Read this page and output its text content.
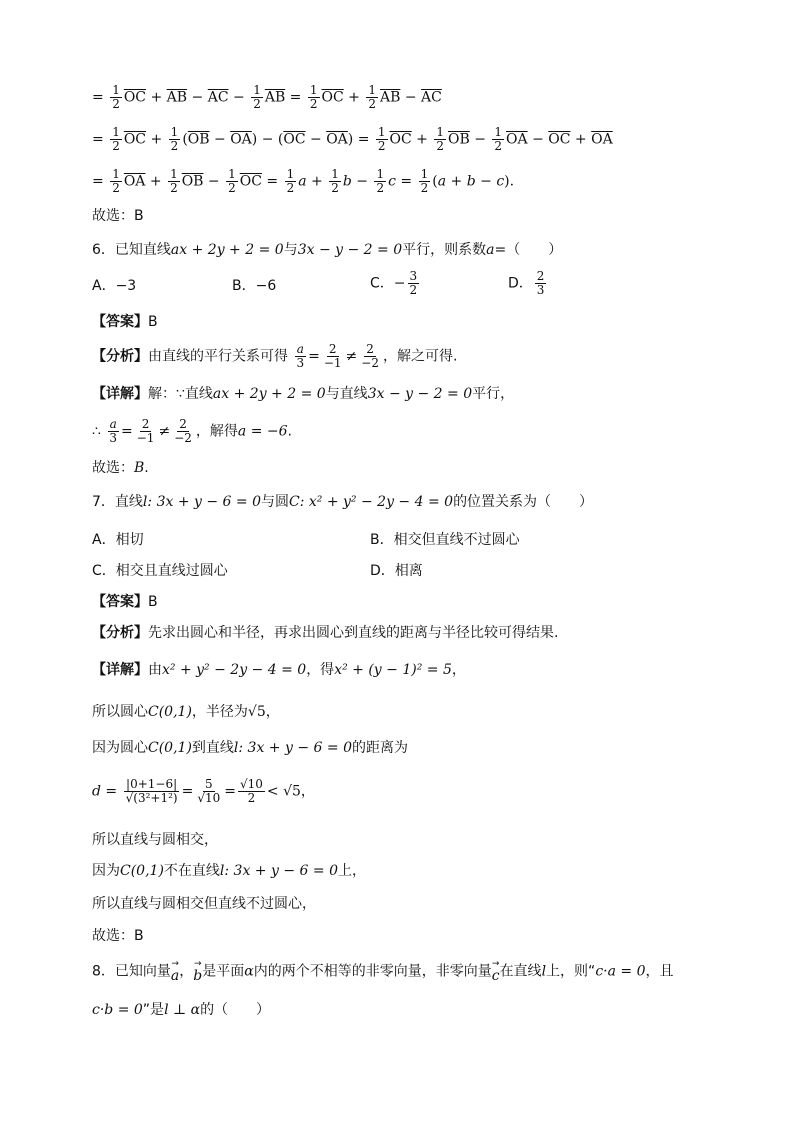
= $\frac{1}{2} \overline{OC} + \overline{AB} - \overline{AC} - \frac{1}{2} \overline{AB} = \frac{1}{2} \overline{OC} + \frac{1}{2} \overline{AB} - \overline{AC}$
= $\frac{1}{2} \overline{OC} + \frac{1}{2} (\overline{OB} - \overline{OA}) - (\overline{OC} - \overline{OA}) = \frac{1}{2} \overline{OC} + \frac{1}{2} \overline{OB} - \frac{1}{2} \overline{OA} - \overline{OC} + \overline{OA}$
= $\frac{1}{2} \overline{OA} + \frac{1}{2} \overline{OB} - \frac{1}{2} \overline{OC} = \frac{1}{2}$ $a + \frac{1}{2}$ $b - \frac{1}{2}$ $c = \frac{1}{2} (a + b - c)$.
故选：B
6．已知直线ax + 2y + 2 = 0与3x − y − 2 = 0平行，则系数a=（　　）
A．−3	B．−6	C．− $\frac{3}{2}$	D． $\frac{2}{3}$
【答案】B
【分析】由直线的平行关系可得 $\frac{a}{3} = \frac{2}{-1} \ne \frac{2}{-2}$ ，解之可得.
【详解】解：∵直线ax + 2y + 2 = 0与直线3x − y − 2 = 0平行，
∴ $\frac{a}{3} = \frac{2}{-1} \ne \frac{2}{-2}$ ，解得a = −6.
故选：B.
7．直线l: 3x + y − 6 = 0与圆C: x² + y² − 2y − 4 = 0的位置关系为（　　）
A．相切	B．相交但直线不过圆心
C．相交且直线过圆心	D．相离
【答案】B
【分析】先求出圆心和半径，再求出圆心到直线的距离与半径比较可得结果.
【详解】由x² + y² − 2y − 4 = 0，得x² + (y − 1)² = 5，
所以圆心C(0,1)，半径为√5，
因为圆心C(0,1)到直线l: 3x + y − 6 = 0的距离为
$d = \frac{|0+1-6|}{\text{√(3²+1²)}} = \frac{5}{√10} = \frac{√10}{2} < √5$，
所以直线与圆相交，
因为C(0,1)不在直线l: 3x + y − 6 = 0上，
所以直线与圆相交但直线不过圆心，
故选：B
8．已知向量 →
a ， →
b 是平面α内的两个不相等的非零向量，非零向量 →
c 在直线l上，则“c·a = 0，且
c·b = 0”是l ⊥ α的（　　）
